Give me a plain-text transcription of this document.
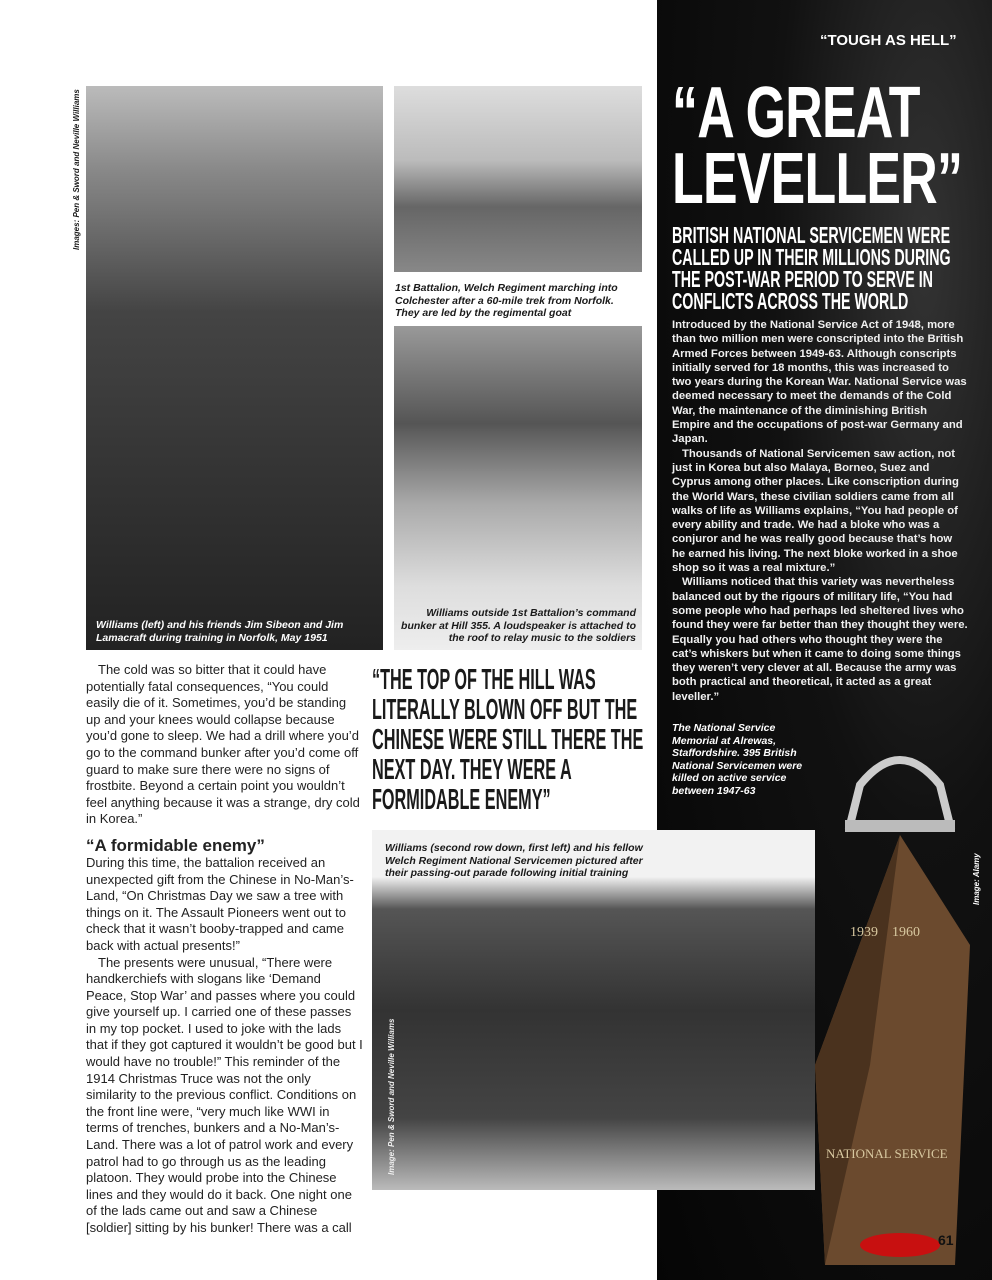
“TOUGH AS HELL”
“A GREAT LEVELLER”
BRITISH NATIONAL SERVICEMEN WERE CALLED UP IN THEIR MILLIONS DURING THE POST-WAR PERIOD TO SERVE IN CONFLICTS ACROSS THE WORLD

Introduced by the National Service Act of 1948, more than two million men were conscripted into the British Armed Forces between 1949-63. Although conscripts initially served for 18 months, this was increased to two years during the Korean War. National Service was deemed necessary to meet the demands of the Cold War, the maintenance of the diminishing British Empire and the occupations of post-war Germany and Japan.

Thousands of National Servicemen saw action, not just in Korea but also Malaya, Borneo, Suez and Cyprus among other places. Like conscription during the World Wars, these civilian soldiers came from all walks of life as Williams explains, “You had people of every ability and trade. We had a bloke who was a conjuror and he was really good because that’s how he earned his living. The next bloke worked in a shoe shop so it was a real mixture.”

Williams noticed that this variety was nevertheless balanced out by the rigours of military life, “You had some people who had perhaps led sheltered lives who found they were far better than they thought they were. Equally you had others who thought they were the cat’s whiskers but when it came to doing some things they weren’t very clever at all. Because the army was both practical and theoretical, it acted as a great leveller.”

The National Service Memorial at Alrewas, Staffordshire. 395 British National Servicemen were killed on active service between 1947-63
Williams (left) and his friends Jim Sibeon and Jim Lamacraft during training in Norfolk, May 1951
Images: Pen & Sword and Neville Williams
1st Battalion, Welch Regiment marching into Colchester after a 60-mile trek from Norfolk. They are led by the regimental goat
Williams outside 1st Battalion’s command bunker at Hill 355. A loudspeaker is attached to the roof to relay music to the soldiers
“THE TOP OF THE HILL WAS LITERALLY BLOWN OFF BUT THE CHINESE WERE STILL THERE THE NEXT DAY. THEY WERE A FORMIDABLE ENEMY”
Williams (second row down, first left) and his fellow Welch Regiment National Servicemen pictured after their passing-out parade following initial training
Image: Pen & Sword and Neville Williams
1939 1960
NATIONAL SERVICE
Image: Alamy

The cold was so bitter that it could have potentially fatal consequences, “You could easily die of it. Sometimes, you’d be standing up and your knees would collapse because you’d gone to sleep. We had a drill where you’d go to the command bunker after you’d come off guard to make sure there were no signs of frostbite. Beyond a certain point you wouldn’t feel anything because it was a strange, dry cold in Korea.”

“A formidable enemy”

During this time, the battalion received an unexpected gift from the Chinese in No-Man’s-Land, “On Christmas Day we saw a tree with things on it. The Assault Pioneers went out to check that it wasn’t booby-trapped and came back with actual presents!”

The presents were unusual, “There were handkerchiefs with slogans like ‘Demand Peace, Stop War’ and passes where you could give yourself up. I carried one of these passes in my top pocket. I used to joke with the lads that if they got captured it wouldn’t be good but I would have no trouble!” This reminder of the 1914 Christmas Truce was not the only similarity to the previous conflict. Conditions on the front line were, “very much like WWI in terms of trenches, bunkers and a No-Man’s-Land. There was a lot of patrol work and every patrol had to go through us as the leading platoon. They would probe into the Chinese lines and they would do it back. One night one of the lads came out and saw a Chinese [soldier] sitting by his bunker! There was a call

61
